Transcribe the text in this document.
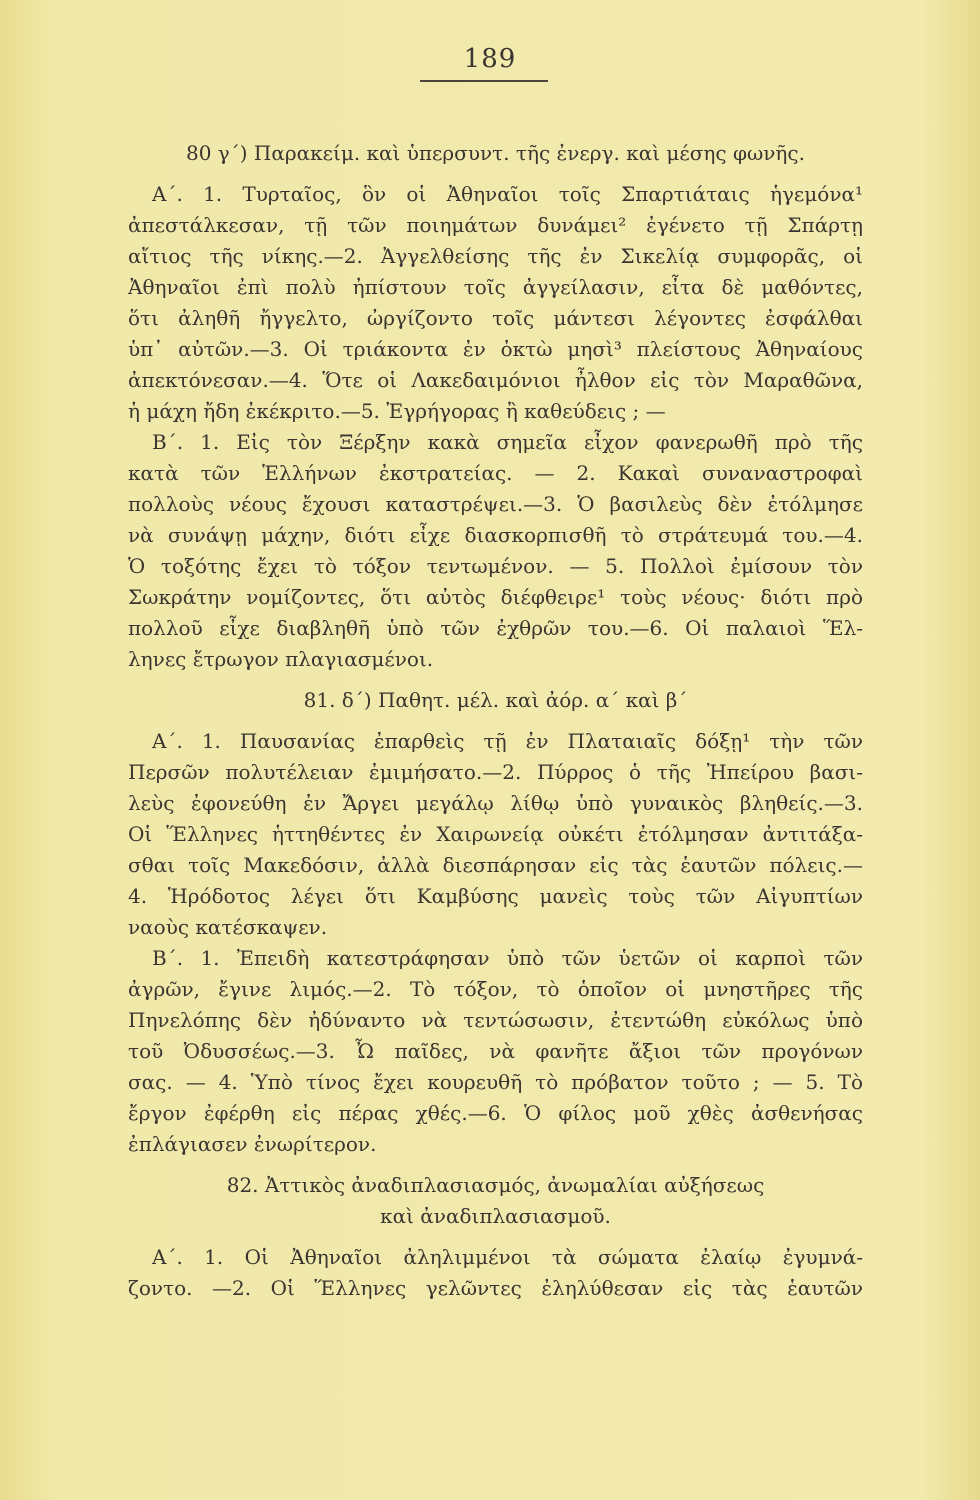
189
80 γ΄) Παρακείμ. καὶ ὑπερσυντ. τῆς ἐνεργ. καὶ μέσης φωνῆς.
Α΄. 1. Τυρταῖος, ὃν οἱ Ἀθηναῖοι τοῖς Σπαρτιάταις ἡγεμόνα¹
ἀπεστάλκεσαν, τῇ τῶν ποιημάτων δυνάμει² ἐγένετο τῇ Σπάρτῃ
αἴτιος τῆς νίκης.—2. Ἀγγελθείσης τῆς ἐν Σικελίᾳ συμφορᾶς, οἱ
Ἀθηναῖοι ἐπὶ πολὺ ἠπίστουν τοῖς ἀγγείλασιν, εἶτα δὲ μαθόντες,
ὅτι ἀληθῆ ἤγγελτο, ὠργίζοντο τοῖς μάντεσι λέγοντες ἐσφάλθαι
ὑπ᾿ αὐτῶν.—3. Οἱ τριάκοντα ἐν ὀκτὼ μησὶ³ πλείστους Ἀθηναίους
ἀπεκτόνεσαν.—4. Ὅτε οἱ Λακεδαιμόνιοι ἦλθον εἰς τὸν Μαραθῶνα,
ἡ μάχη ἤδη ἐκέκριτο.—5. Ἐγρήγορας ἢ καθεύδεις ; —
Β΄. 1. Εἰς τὸν Ξέρξην κακὰ σημεῖα εἶχον φανερωθῆ πρὸ τῆς
κατὰ τῶν Ἑλλήνων ἐκστρατείας. — 2. Κακαὶ συναναστροφαὶ
πολλοὺς νέους ἔχουσι καταστρέψει.—3. Ὁ βασιλεὺς δὲν ἐτόλμησε
νὰ συνάψῃ μάχην, διότι εἶχε διασκορπισθῆ τὸ στράτευμά του.—4.
Ὁ τοξότης ἔχει τὸ τόξον τεντωμένον. — 5. Πολλοὶ ἐμίσουν τὸν
Σωκράτην νομίζοντες, ὅτι αὐτὸς διέφθειρε¹ τοὺς νέους· διότι πρὸ
πολλοῦ εἶχε διαβληθῆ ὑπὸ τῶν ἐχθρῶν του.—6. Οἱ παλαιοὶ Ἕλ-
ληνες ἔτρωγον πλαγιασμένοι.
81. δ΄) Παθητ. μέλ. καὶ ἀόρ. α΄ καὶ β΄
Α΄. 1. Παυσανίας ἐπαρθεὶς τῇ ἐν Πλαταιαῖς δόξῃ¹ τὴν τῶν
Περσῶν πολυτέλειαν ἐμιμήσατο.—2. Πύρρος ὁ τῆς Ἠπείρου βασι-
λεὺς ἐφονεύθη ἐν Ἄργει μεγάλῳ λίθῳ ὑπὸ γυναικὸς βληθείς.—3.
Οἱ Ἕλληνες ἡττηθέντες ἐν Χαιρωνείᾳ οὐκέτι ἐτόλμησαν ἀντιτάξα-
σθαι τοῖς Μακεδόσιν, ἀλλὰ διεσπάρησαν εἰς τὰς ἑαυτῶν πόλεις.—
4. Ἡρόδοτος λέγει ὅτι Καμβύσης μανεὶς τοὺς τῶν Αἰγυπτίων
ναοὺς κατέσκαψεν.
Β΄. 1. Ἐπειδὴ κατεστράφησαν ὑπὸ τῶν ὑετῶν οἱ καρποὶ τῶν
ἀγρῶν, ἔγινε λιμός.—2. Τὸ τόξον, τὸ ὁποῖον οἱ μνηστῆρες τῆς
Πηνελόπης δὲν ἠδύναντο νὰ τεντώσωσιν, ἐτεντώθη εὐκόλως ὑπὸ
τοῦ Ὀδυσσέως.—3. Ὦ παῖδες, νὰ φανῆτε ἄξιοι τῶν προγόνων
σας. — 4. Ὑπὸ τίνος ἔχει κουρευθῆ τὸ πρόβατον τοῦτο ; — 5. Τὸ
ἔργον ἐφέρθη εἰς πέρας χθές.—6. Ὁ φίλος μοῦ χθὲς ἀσθενήσας
ἐπλάγιασεν ἐνωρίτερον.
82. Ἀττικὸς ἀναδιπλασιασμός, ἀνωμαλίαι αὐξήσεως
καὶ ἀναδιπλασιασμοῦ.
Α΄. 1. Οἱ Ἀθηναῖοι ἀληλιμμένοι τὰ σώματα ἐλαίῳ ἐγυμνά-
ζοντο. —2. Οἱ Ἕλληνες γελῶντες ἐληλύθεσαν εἰς τὰς ἑαυτῶν
